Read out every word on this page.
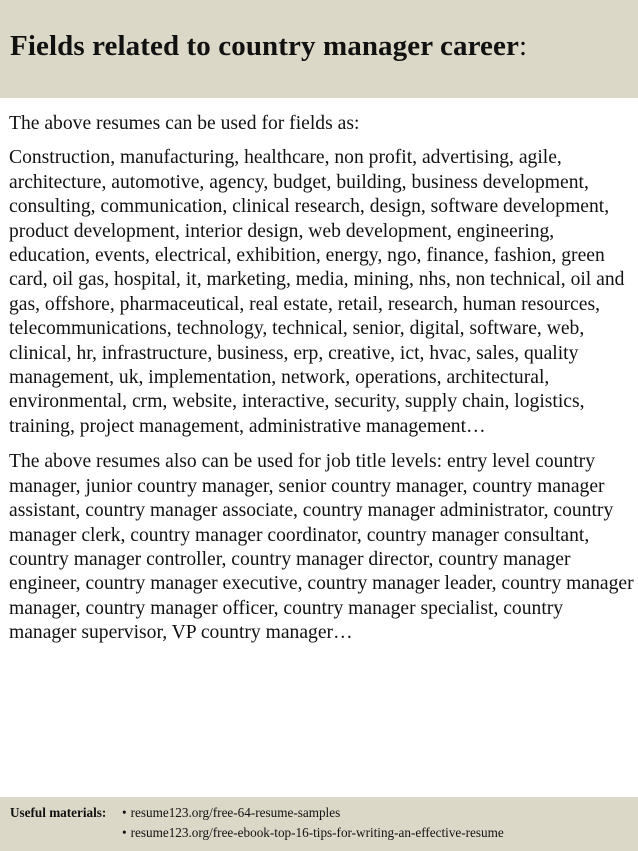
Fields related to country manager career:

The above resumes can be used for fields as:

Construction, manufacturing, healthcare, non profit, advertising, agile, architecture, automotive, agency, budget, building, business development, consulting, communication, clinical research, design, software development, product development, interior design, web development, engineering, education, events, electrical, exhibition, energy, ngo, finance, fashion, green card, oil gas, hospital, it, marketing, media, mining, nhs, non technical, oil and gas, offshore, pharmaceutical, real estate, retail, research, human resources, telecommunications, technology, technical, senior, digital, software, web, clinical, hr, infrastructure, business, erp, creative, ict, hvac, sales, quality management, uk, implementation, network, operations, architectural, environmental, crm, website, interactive, security, supply chain, logistics, training, project management, administrative management…

The above resumes also can be used for job title levels: entry level country manager, junior country manager, senior country manager, country manager assistant, country manager associate, country manager administrator, country manager clerk, country manager coordinator, country manager consultant, country manager controller, country manager director, country manager engineer, country manager executive, country manager leader, country manager manager, country manager officer, country manager specialist, country manager supervisor, VP country manager…

Useful materials:	• resume123.org/free-64-resume-samples
• resume123.org/free-ebook-top-16-tips-for-writing-an-effective-resume
